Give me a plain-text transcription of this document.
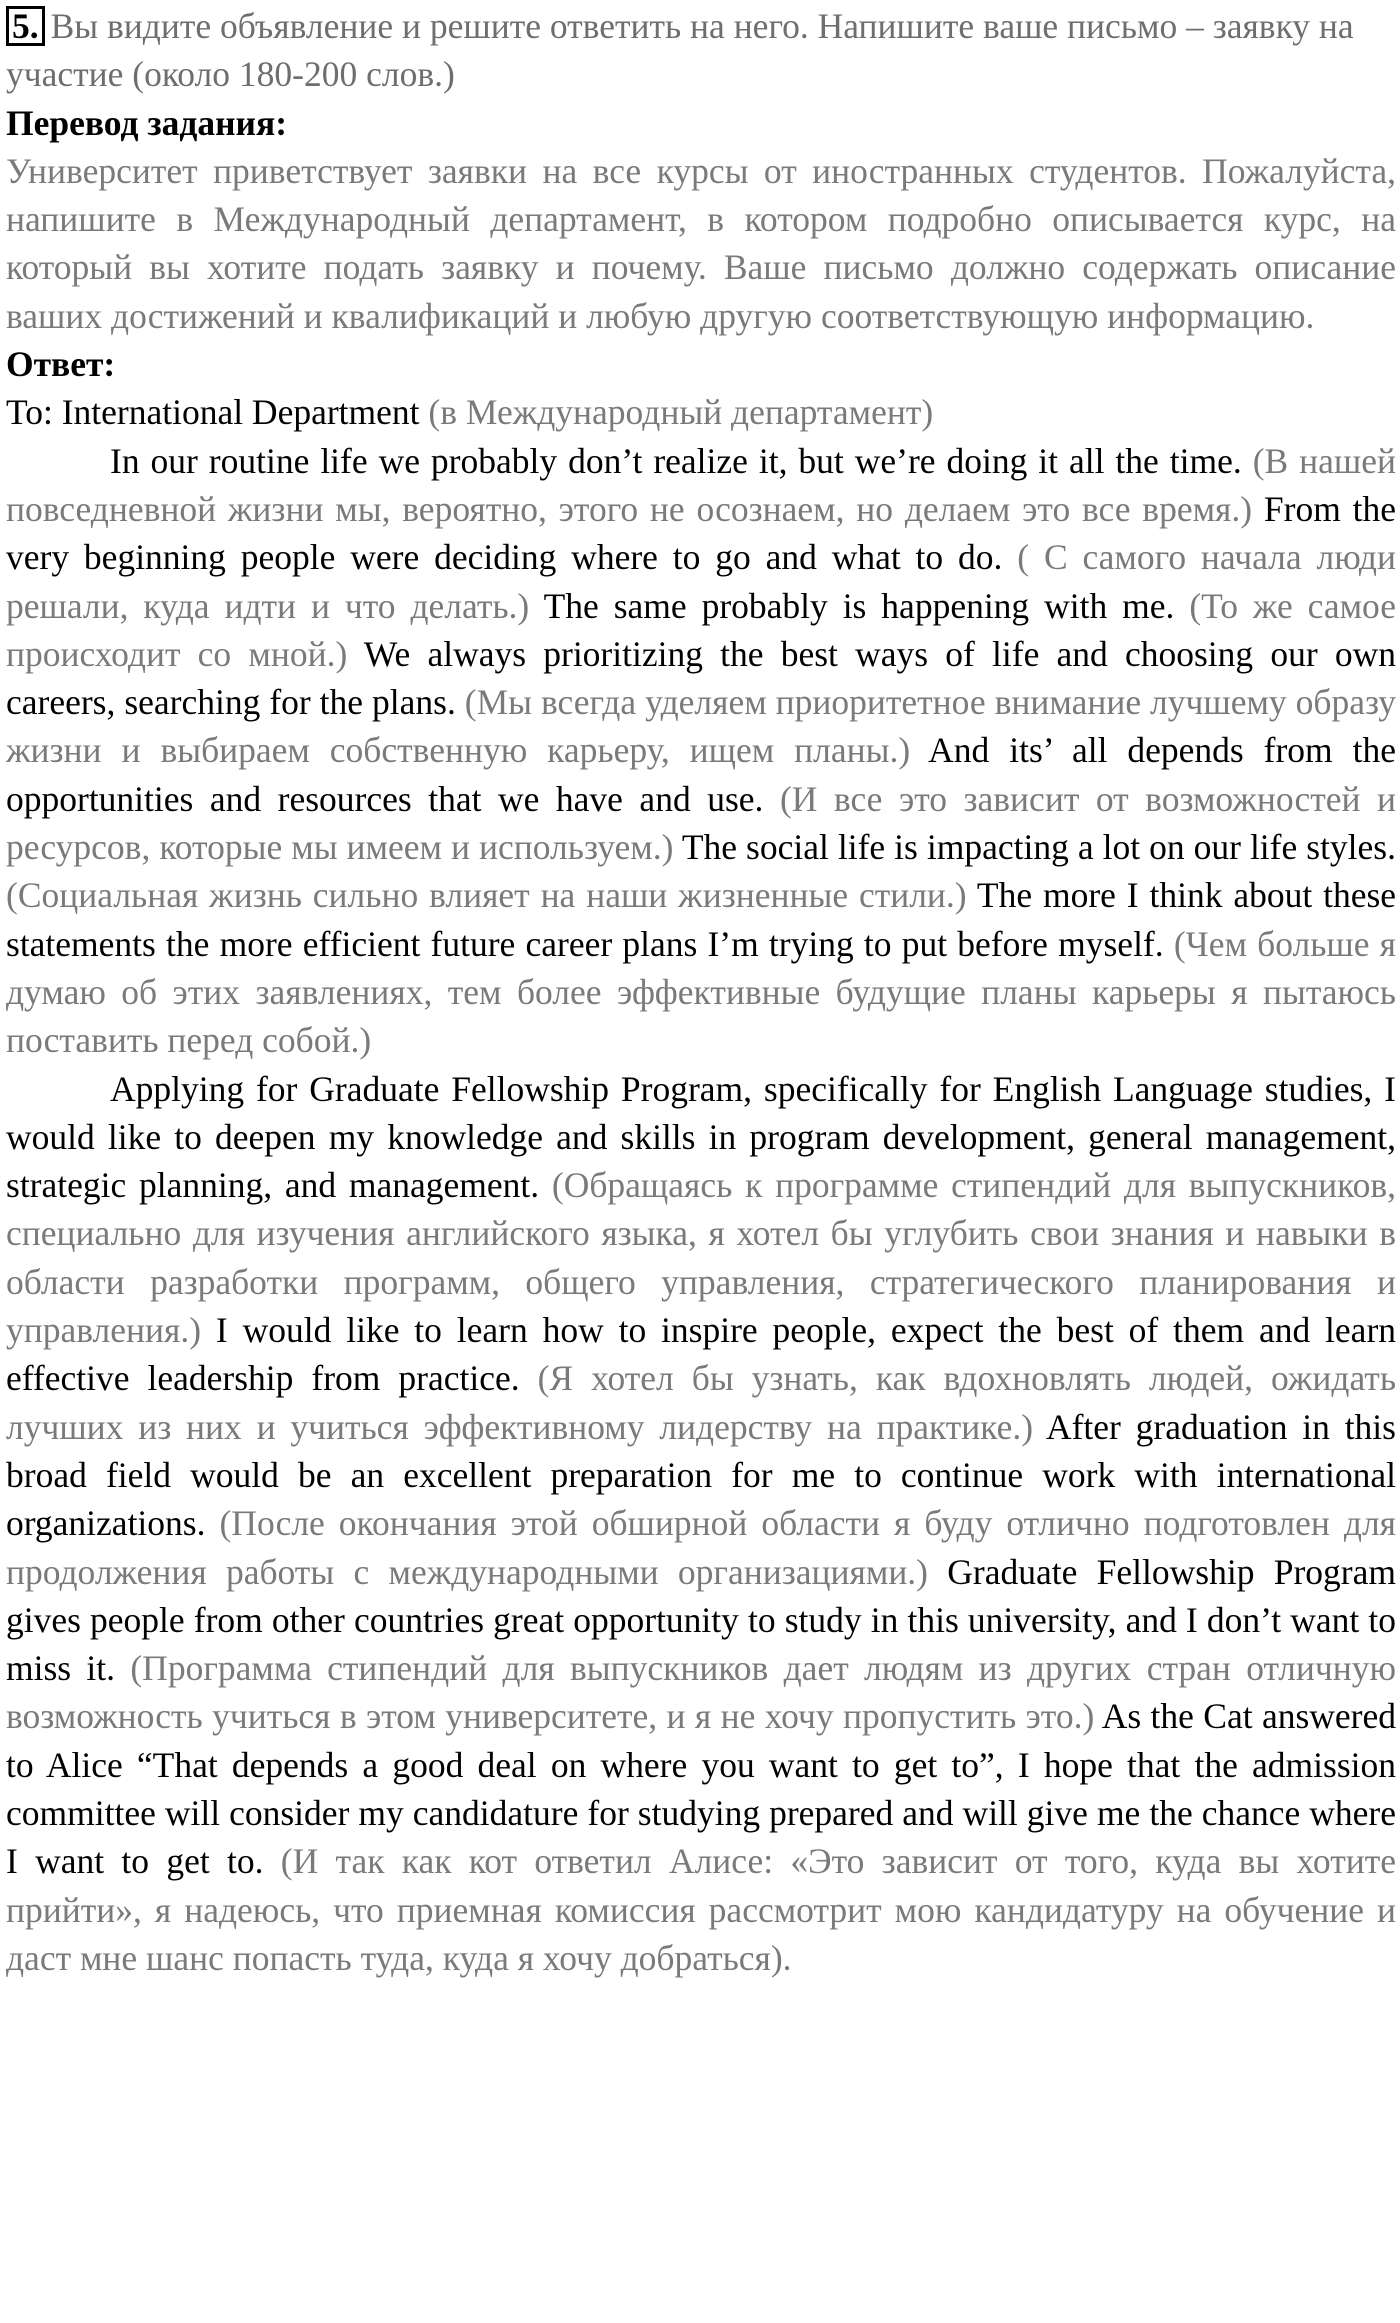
5. Вы видите объявление и решите ответить на него. Напишите ваше письмо – заявку на участие (около 180-200 слов.)
Перевод задания:

Университет приветствует заявки на все курсы от иностранных студентов. Пожалуйста, напишите в Международный департамент, в котором подробно описывается курс, на который вы хотите подать заявку и почему. Ваше письмо должно содержать описание ваших достижений и квалификаций и любую другую соответствующую информацию.

Ответ:

To: International Department (в Международный департамент)

In our routine life we probably don’t realize it, but we’re doing it all the time. (В нашей повседневной жизни мы, вероятно, этого не осознаем, но делаем это все время.) From the very beginning people were deciding where to go and what to do. ( С самого начала люди решали, куда идти и что делать.) The same probably is happening with me. (То же самое происходит со мной.) We always prioritizing the best ways of life and choosing our own careers, searching for the plans. (Мы всегда уделяем приоритетное внимание лучшему образу жизни и выбираем собственную карьеру, ищем планы.) And its’ all depends from the opportunities and resources that we have and use. (И все это зависит от возможностей и ресурсов, которые мы имеем и используем.) The social life is impacting a lot on our life styles. (Социальная жизнь сильно влияет на наши жизненные стили.) The more I think about these statements the more efficient future career plans I’m trying to put before myself. (Чем больше я думаю об этих заявлениях, тем более эффективные будущие планы карьеры я пытаюсь поставить перед собой.)

Applying for Graduate Fellowship Program, specifically for English Language studies, I would like to deepen my knowledge and skills in program development, general management, strategic planning, and management. (Обращаясь к программе стипендий для выпускников, специально для изучения английского языка, я хотел бы углубить свои знания и навыки в области разработки программ, общего управления, стратегического планирования и управления.) I would like to learn how to inspire people, expect the best of them and learn effective leadership from practice. (Я хотел бы узнать, как вдохновлять людей, ожидать лучших из них и учиться эффективному лидерству на практике.) After graduation in this broad field would be an excellent preparation for me to continue work with international organizations. (После окончания этой обширной области я буду отлично подготовлен для продолжения работы с международными организациями.) Graduate Fellowship Program gives people from other countries great opportunity to study in this university, and I don’t want to miss it. (Программа стипендий для выпускников дает людям из других стран отличную возможность учиться в этом университете, и я не хочу пропустить это.) As the Cat answered to Alice “That depends a good deal on where you want to get to”, I hope that the admission committee will consider my candidature for studying prepared and will give me the chance where I want to get to. (И так как кот ответил Алисе: «Это зависит от того, куда вы хотите прийти», я надеюсь, что приемная комиссия рассмотрит мою кандидатуру на обучение и даст мне шанс попасть туда, куда я хочу добраться).
